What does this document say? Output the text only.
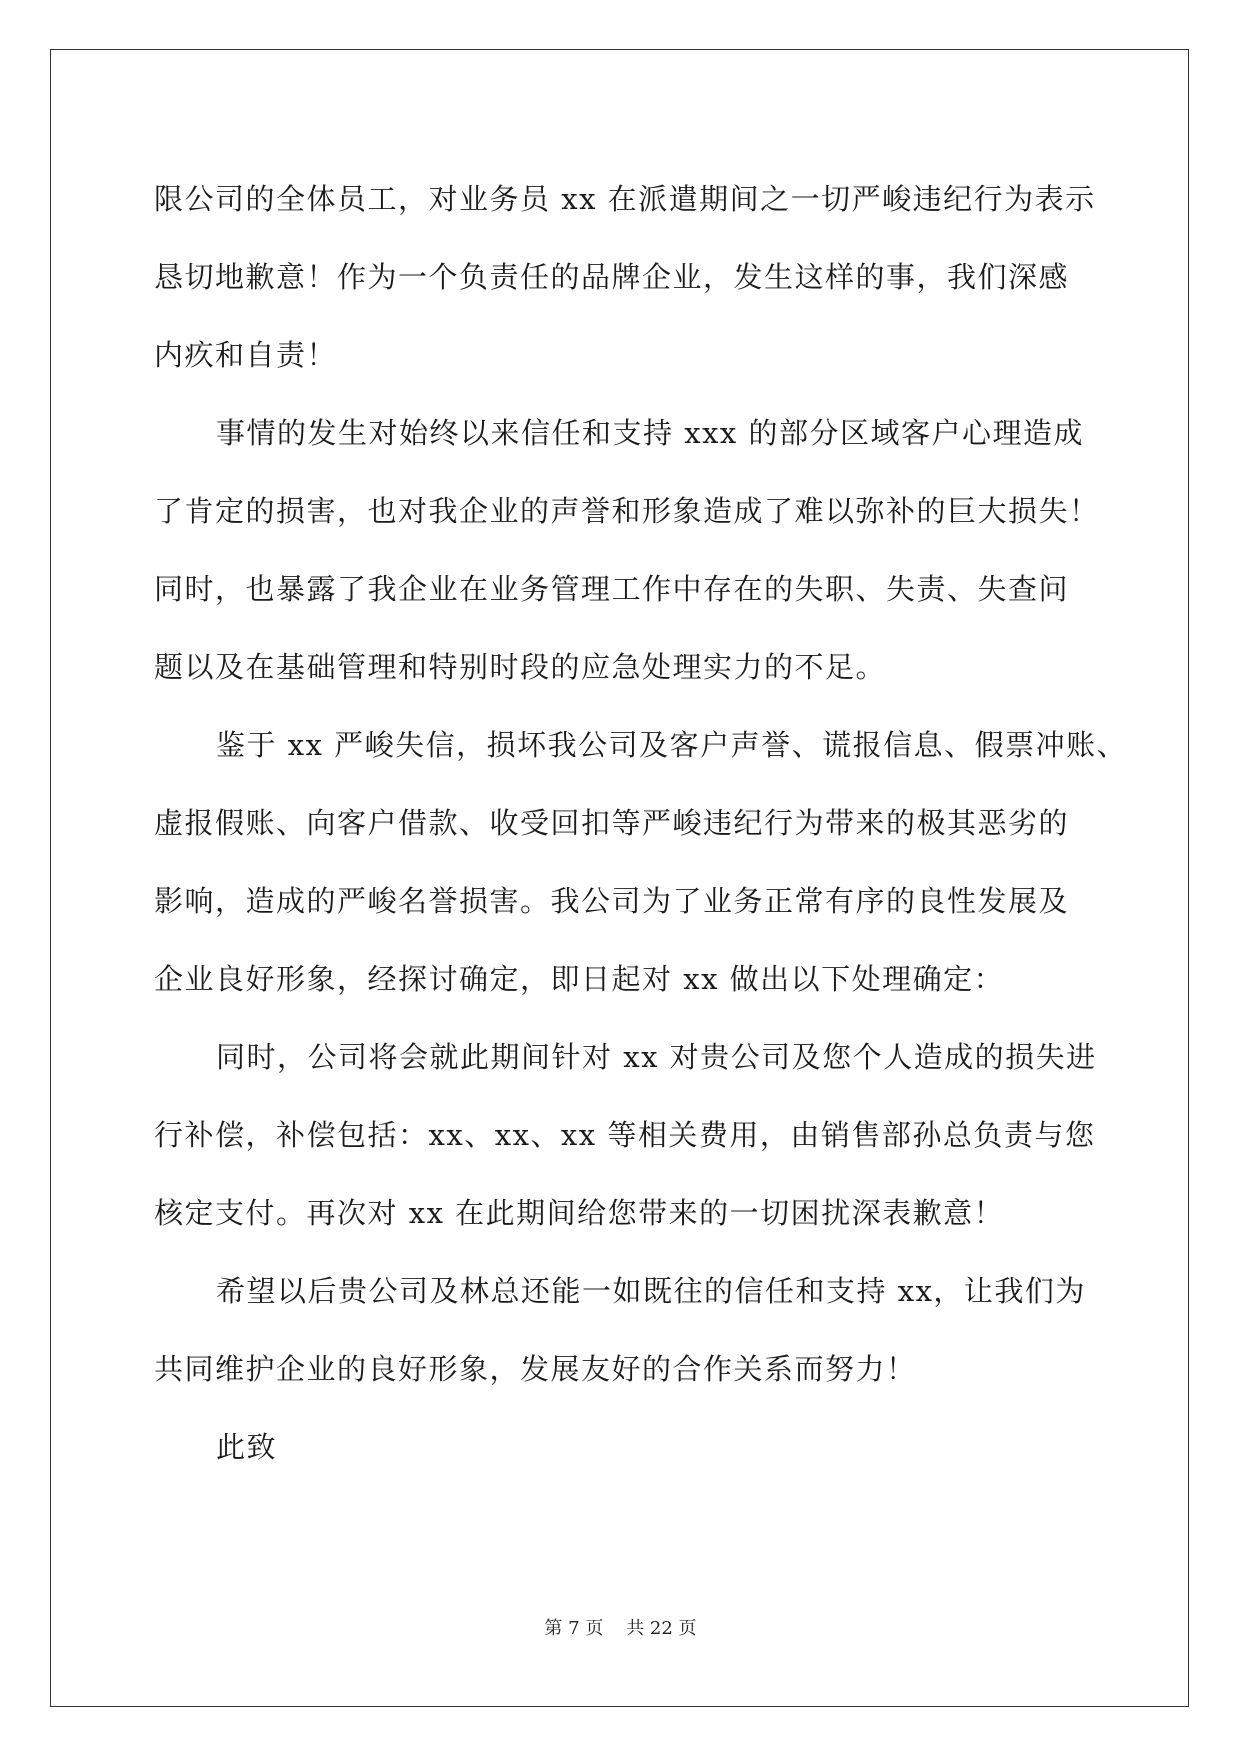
限公司的全体员工，对业务员 xx 在派遣期间之一切严峻违纪行为表示
恳切地歉意！作为一个负责任的品牌企业，发生这样的事，我们深感
内疚和自责！
事情的发生对始终以来信任和支持 xxx 的部分区域客户心理造成
了肯定的损害，也对我企业的声誉和形象造成了难以弥补的巨大损失！
同时，也暴露了我企业在业务管理工作中存在的失职、失责、失查问
题以及在基础管理和特别时段的应急处理实力的不足。
鉴于 xx 严峻失信，损坏我公司及客户声誉、谎报信息、假票冲账、
虚报假账、向客户借款、收受回扣等严峻违纪行为带来的极其恶劣的
影响，造成的严峻名誉损害。我公司为了业务正常有序的良性发展及
企业良好形象，经探讨确定，即日起对 xx 做出以下处理确定：
同时，公司将会就此期间针对 xx 对贵公司及您个人造成的损失进
行补偿，补偿包括：xx、xx、xx 等相关费用，由销售部孙总负责与您
核定支付。再次对 xx 在此期间给您带来的一切困扰深表歉意！
希望以后贵公司及林总还能一如既往的信任和支持 xx，让我们为
共同维护企业的良好形象，发展友好的合作关系而努力！
此致
第 7 页    共 22 页
